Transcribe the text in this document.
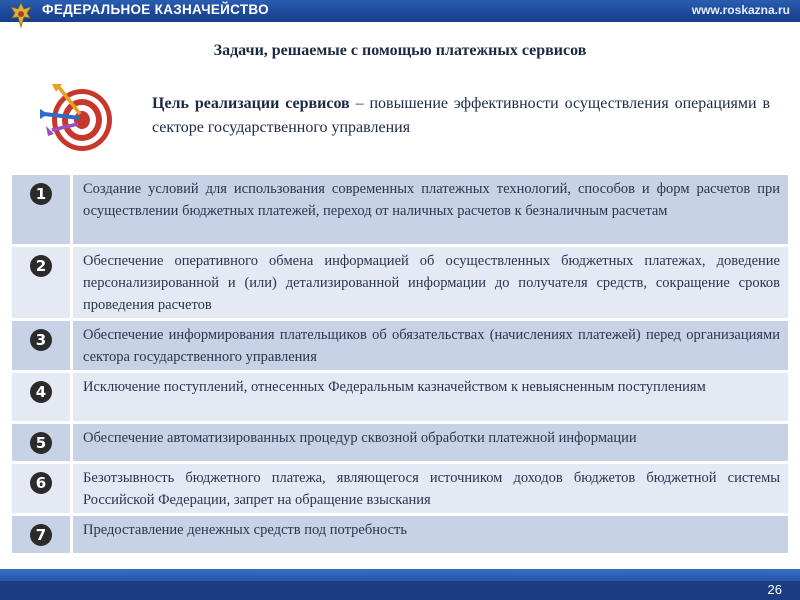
ФЕДЕРАЛЬНОЕ КАЗНАЧЕЙСТВО	www.roskazna.ru
Задачи, решаемые с помощью платежных сервисов
Цель реализации сервисов – повышение эффективности осуществления операциями в секторе государственного управления
1	Создание условий для использования современных платежных технологий, способов и форм расчетов при осуществлении бюджетных платежей, переход от наличных расчетов к безналичным расчетам
2	Обеспечение оперативного обмена информацией об осуществленных бюджетных платежах, доведение персонализированной и (или) детализированной информации до получателя средств, сокращение сроков проведения расчетов
3	Обеспечение информирования плательщиков об обязательствах (начислениях платежей) перед организациями сектора государственного управления
4	Исключение поступлений, отнесенных Федеральным казначейством к невыясненным поступлениям
5	Обеспечение автоматизированных процедур сквозной обработки платежной информации
6	Безотзывность бюджетного платежа, являющегося источником доходов бюджетов бюджетной системы Российской Федерации, запрет на обращение взыскания
7	Предоставление денежных средств под потребность
26
